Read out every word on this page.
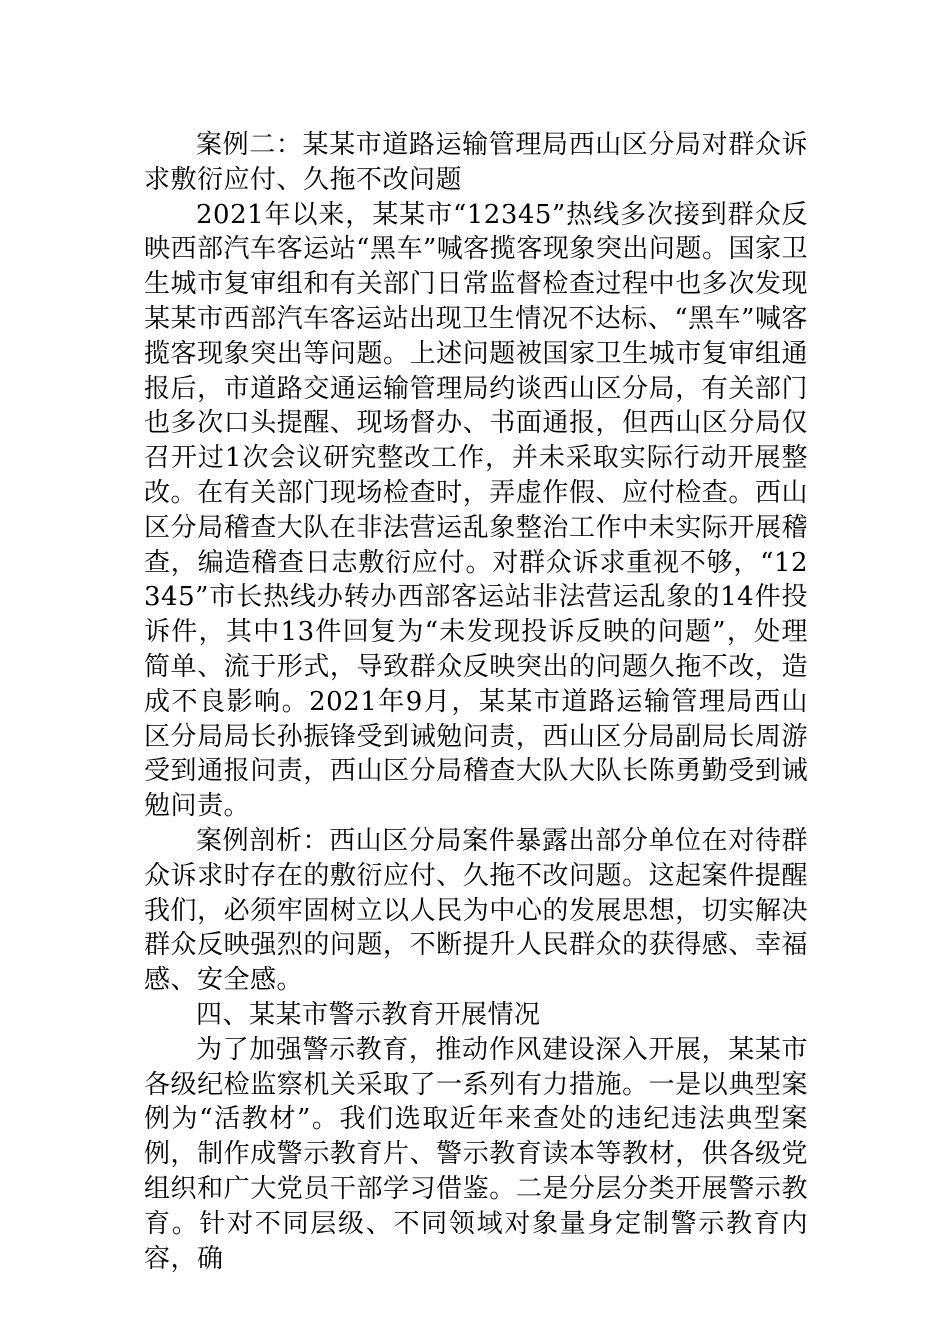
案例二：某某市道路运输管理局西山区分局对群众诉求敷衍应付、久拖不改问题

2021年以来，某某市“12345”热线多次接到群众反映西部汽车客运站“黑车”喊客揽客现象突出问题。国家卫生城市复审组和有关部门日常监督检查过程中也多次发现某某市西部汽车客运站出现卫生情况不达标、“黑车”喊客揽客现象突出等问题。上述问题被国家卫生城市复审组通报后，市道路交通运输管理局约谈西山区分局，有关部门也多次口头提醒、现场督办、书面通报，但西山区分局仅召开过1次会议研究整改工作，并未采取实际行动开展整改。在有关部门现场检查时，弄虚作假、应付检查。西山区分局稽查大队在非法营运乱象整治工作中未实际开展稽查，编造稽查日志敷衍应付。对群众诉求重视不够，“12345”市长热线办转办西部客运站非法营运乱象的14件投诉件，其中13件回复为“未发现投诉反映的问题”，处理简单、流于形式，导致群众反映突出的问题久拖不改，造成不良影响。2021年9月，某某市道路运输管理局西山区分局局长孙振锋受到诫勉问责，西山区分局副局长周游受到通报问责，西山区分局稽查大队大队长陈勇勤受到诫勉问责。

案例剖析：西山区分局案件暴露出部分单位在对待群众诉求时存在的敷衍应付、久拖不改问题。这起案件提醒我们，必须牢固树立以人民为中心的发展思想，切实解决群众反映强烈的问题，不断提升人民群众的获得感、幸福感、安全感。

四、某某市警示教育开展情况

为了加强警示教育，推动作风建设深入开展，某某市各级纪检监察机关采取了一系列有力措施。一是以典型案例为“活教材”。我们选取近年来查处的违纪违法典型案例，制作成警示教育片、警示教育读本等教材，供各级党组织和广大党员干部学习借鉴。二是分层分类开展警示教育。针对不同层级、不同领域对象量身定制警示教育内容，确
